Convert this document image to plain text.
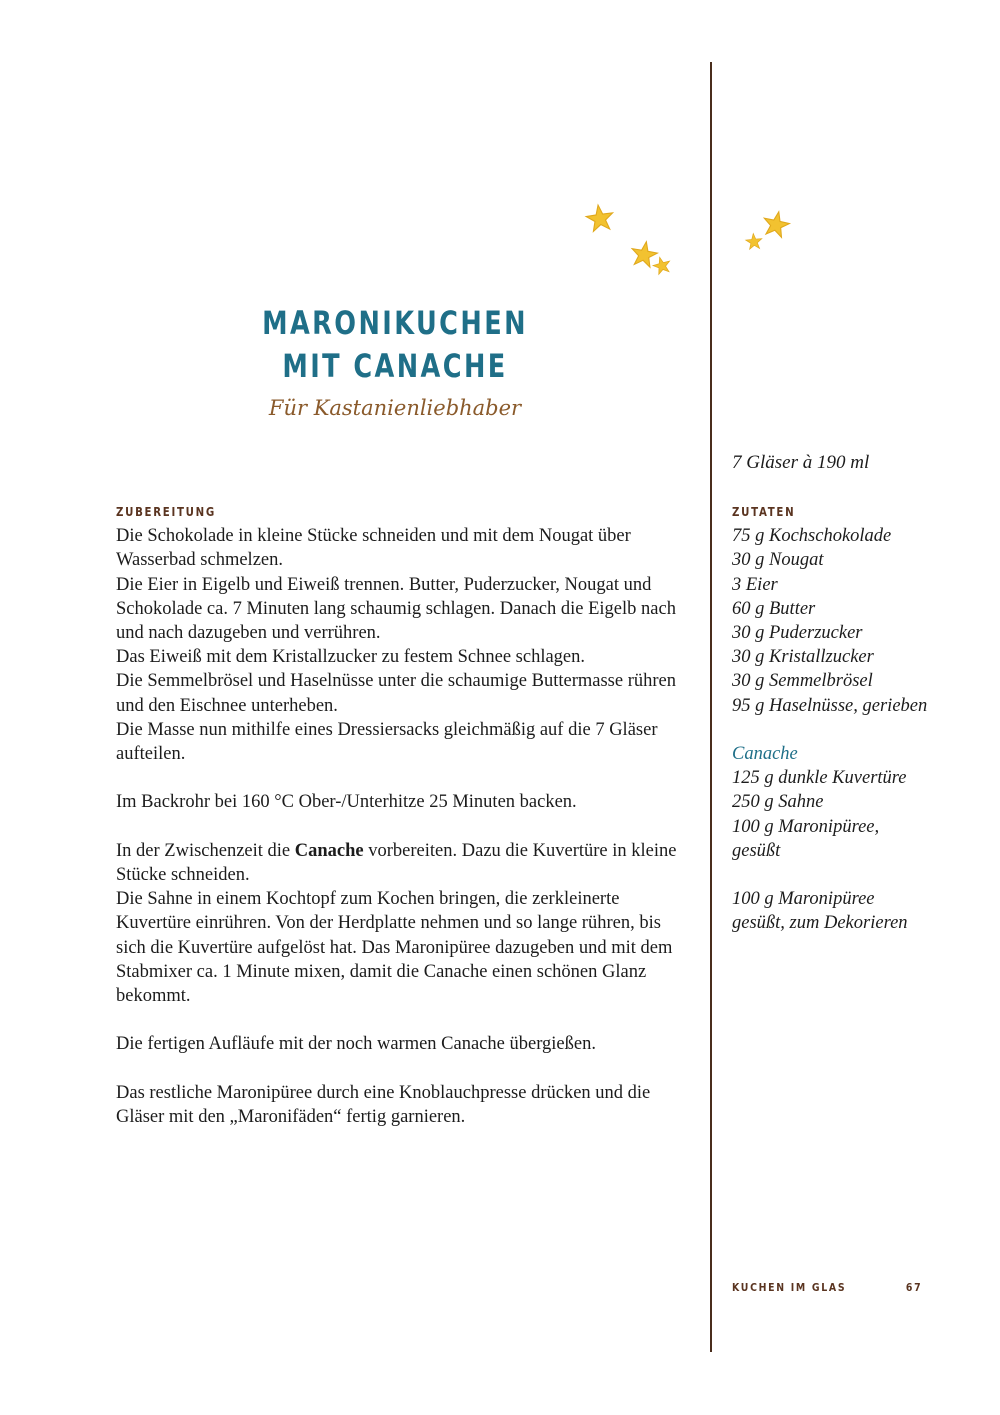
MARONIKUCHEN
MIT CANACHE
Für Kastanienliebhaber
ZUBEREITUNG

Die Schokolade in kleine Stücke schneiden und mit dem Nougat über Wasserbad schmelzen.

Die Eier in Eigelb und Eiweiß trennen. Butter, Puderzucker, Nougat und Schokolade ca. 7 Minuten lang schaumig schlagen. Danach die Eigelb nach und nach dazugeben und verrühren.

Das Eiweiß mit dem Kristallzucker zu festem Schnee schlagen.

Die Semmelbrösel und Haselnüsse unter die schaumige Buttermasse rühren und den Eischnee unterheben.

Die Masse nun mithilfe eines Dressiersacks gleichmäßig auf die 7 Gläser aufteilen.

Im Backrohr bei 160 °C Ober-/Unterhitze 25 Minuten backen.

In der Zwischenzeit die Canache vorbereiten. Dazu die Kuvertüre in kleine Stücke schneiden.

Die Sahne in einem Kochtopf zum Kochen bringen, die zerkleinerte Kuvertüre einrühren. Von der Herdplatte nehmen und so lange rühren, bis sich die Kuvertüre aufgelöst hat. Das Maronipüree dazugeben und mit dem Stabmixer ca. 1 Minute mixen, damit die Canache einen schönen Glanz bekommt.

Die fertigen Aufläufe mit der noch warmen Canache übergießen.

Das restliche Maronipüree durch eine Knoblauchpresse drücken und die Gläser mit den „Maronifäden“ fertig garnieren.

7 Gläser à 190 ml
ZUTATEN
75 g Kochschokolade
30 g Nougat
3 Eier
60 g Butter
30 g Puderzucker
30 g Kristallzucker
30 g Semmelbrösel
95 g Haselnüsse, gerieben
Canache
125 g dunkle Kuvertüre
250 g Sahne
100 g Maronipüree,
gesüßt
100 g Maronipüree
gesüßt, zum Dekorieren
KUCHEN IM GLAS	67
